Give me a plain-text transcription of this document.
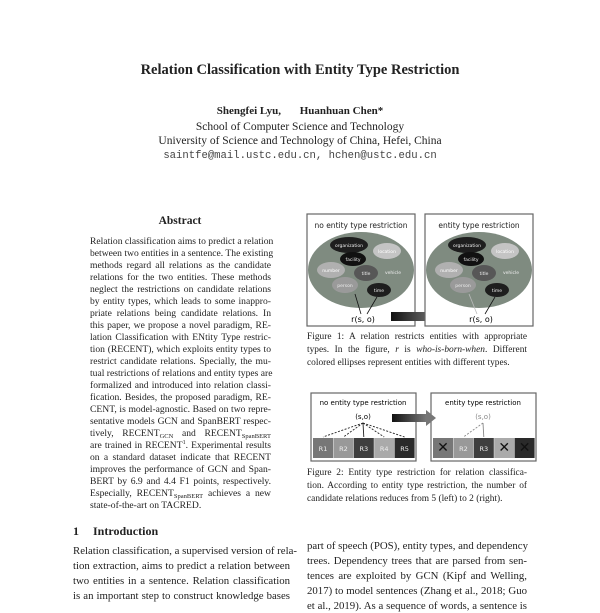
Relation Classification with Entity Type Restriction
Shengfei Lyu, Huanhuan Chen*
School of Computer Science and Technology
University of Science and Technology of China, Hefei, China
saintfe@mail.ustc.edu.cn, hchen@ustc.edu.cn
Abstract
Relation classification aims to predict a relation
between two entities in a sentence. The existing
methods regard all relations as the candidate
relations for the two entities. These methods
neglect the restrictions on candidate relations
by entity types, which leads to some inappro-
priate relations being candidate relations. In
this paper, we propose a novel paradigm, RE-
lation Classification with ENtity Type restric-
tion (RECENT), which exploits entity types to
restrict candidate relations. Specially, the mu-
tual restrictions of relations and entity types are
formalized and introduced into relation classi-
fication. Besides, the proposed paradigm, RE-
CENT, is model-agnostic. Based on two repre-
sentative models GCN and SpanBERT respec-
tively, $RECENT_{GCN}$ and $RECENT_{SpanBERT}$
are trained in RECENT$^1$. Experimental results
on a standard dataset indicate that RECENT
improves the performance of GCN and Span-
BERT by 6.9 and 4.4 F1 points, respectively.
Especially, $RECENT_{SpanBERT}$ achieves a new
state-of-the-art on TACRED.
1 Introduction
Relation classification, a supervised version of rela-
tion extraction, aims to predict a relation between
two entities in a sentence. Relation classification
is an important step to construct knowledge bases
part of speech (POS), entity types, and dependency
trees. Dependency trees that are parsed from sen-
tences are exploited by GCN (Kipf and Welling,
2017) to model sentences (Zhang et al., 2018; Guo
et al., 2019). As a sequence of words, a sentence is
no entity type restriction
organization
location
facility
number
title	vehicle
person
time
r(s, o)
entity type restriction
organization
location
facility
number
title	vehicle
person
time
r(s, o)
Figure 1: A relation restricts entities with appropriate
types. In the figure, r is who-is-born-when. Different
colored ellipses represent entities with different types.
no entity type restriction
(s,o)
entity type restriction
(s,o)
R1 R2 R3 R4 R5 ✕ R2 R3 ✕ ✕
Figure 2: Entity type restriction for relation classifica-
tion. According to entity type restriction, the number of
candidate relations reduces from 5 (left) to 2 (right).
